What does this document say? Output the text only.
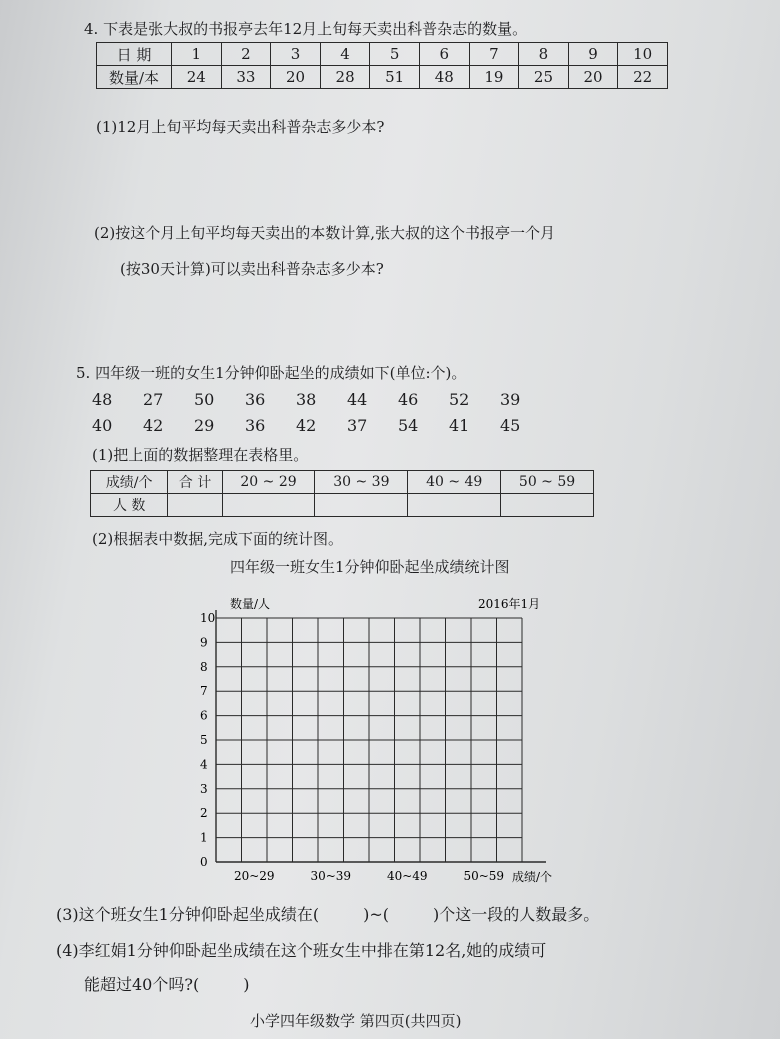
4. 下表是张大叔的书报亭去年12月上旬每天卖出科普杂志的数量。
日 期	1	2	3	4	5	6	7	8	9	10
数量/本	24	33	20	28	51	48	19	25	20	22
(1)12月上旬平均每天卖出科普杂志多少本?
(2)按这个月上旬平均每天卖出的本数计算,张大叔的这个书报亭一个月
(按30天计算)可以卖出科普杂志多少本?
5. 四年级一班的女生1分钟仰卧起坐的成绩如下(单位:个)。
48 27 50 36 38 44 46 52 39
40 42 29 36 42 37 54 41 45
(1)把上面的数据整理在表格里。
成绩/个	合 计	20 ~ 29	30 ~ 39	40 ~ 49	50 ~ 59
人 数					
(2)根据表中数据,完成下面的统计图。
四年级一班女生1分钟仰卧起坐成绩统计图
0
1
2
3
4
5
6
7
8
9
10
20~29	30~39	40~49	50~59
数量/人	2016年1月
成绩/个
(3)这个班女生1分钟仰卧起坐成绩在(	)~(	)个这一段的人数最多。
(4)李红娟1分钟仰卧起坐成绩在这个班女生中排在第12名,她的成绩可
能超过40个吗?(	)
小学四年级数学 第四页(共四页)
